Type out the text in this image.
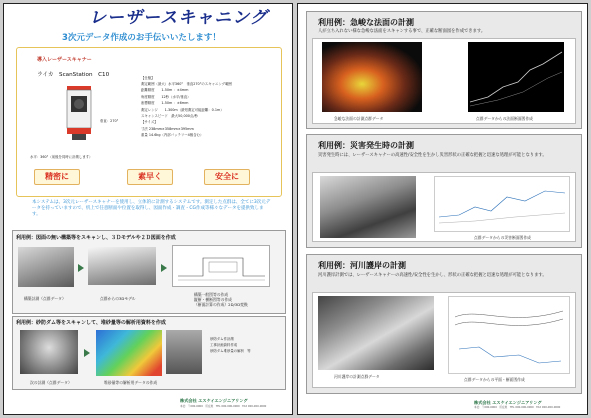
レーザースキャニング
3次元データ作成のお手伝いいたします！
導入レーザースキャナー
ライカ　ScanStation　C10
垂直：270°
水平：360°（前後を同時に計測します）
【仕様】
測定範囲（最大）水平360°　垂直270°のスキャニング範囲
距離精度　　1-50m ：±4mm
角度精度　　12秒（水平/垂直）
座標精度　　1-50m ：±6mm
測定レンジ　　1-300m（最短測定可能距離：0.1m）
スキャンスピード　最大50,000点/秒
【サイズ】
寸法 238mm×358mm×395mm
重量 14.6kg（内部バッテリー4個含む）
精密に	素早く	安全に
本システムは、3次元レーザースキャナーを使用し、立体的に計測するシステムです。測定した点群は、全てに3次元データを持っていますので、机上で任意断面や位置を取得し、図面作成・調査・CG作成等様々なデータを提供致します。
利用例：図面の無い構築等をスキャンし、３Ｄモデルや２Ｄ図面を作成
構築計測（点群データ）	点群からの3Dモデル
構築一般図等の作成
縦断・横断図等の作成
（断面計算の作成）2D/3D変換
利用例：砂防ダム等をスキャンして、堆砂量等の解析用資料を作成
砂防ダム作計測
工事計画資料作成
砂防ダム堆砂量の解析　等
次の計測（点群データ）	堆砂量等の解析用データの作成
株式会社 エスケイエンジニアリング
本社：〒000-0000　所在地　TEL 000-000-0000　FAX 000-000-0000
利用例：急峻な法面の計測
人が立ち入れない様な急峻な法面をスキャンする事で、正確な断面図を作成できます。
急峻な法面の計測点群データ	点群データからの法面断面図作成
利用例：災害発生時の計測
災害発生時には、レーザースキャナーの高速性/安全性を生かし災害形状の正確な把握と迅速な処理が可能となります。
点群データからの災害断面図作成
利用例：河川護岸の計測
河川護岸計測では、レーザースキャナーの高速性/安全性を生かし、形状の正確な把握と迅速な処理が可能となります。
河川護岸の計測点群データ
点群データからの平面・断面図作成
株式会社 エスケイエンジニアリング
本社：〒000-0000　所在地　TEL 000-000-0000　FAX 000-000-0000
